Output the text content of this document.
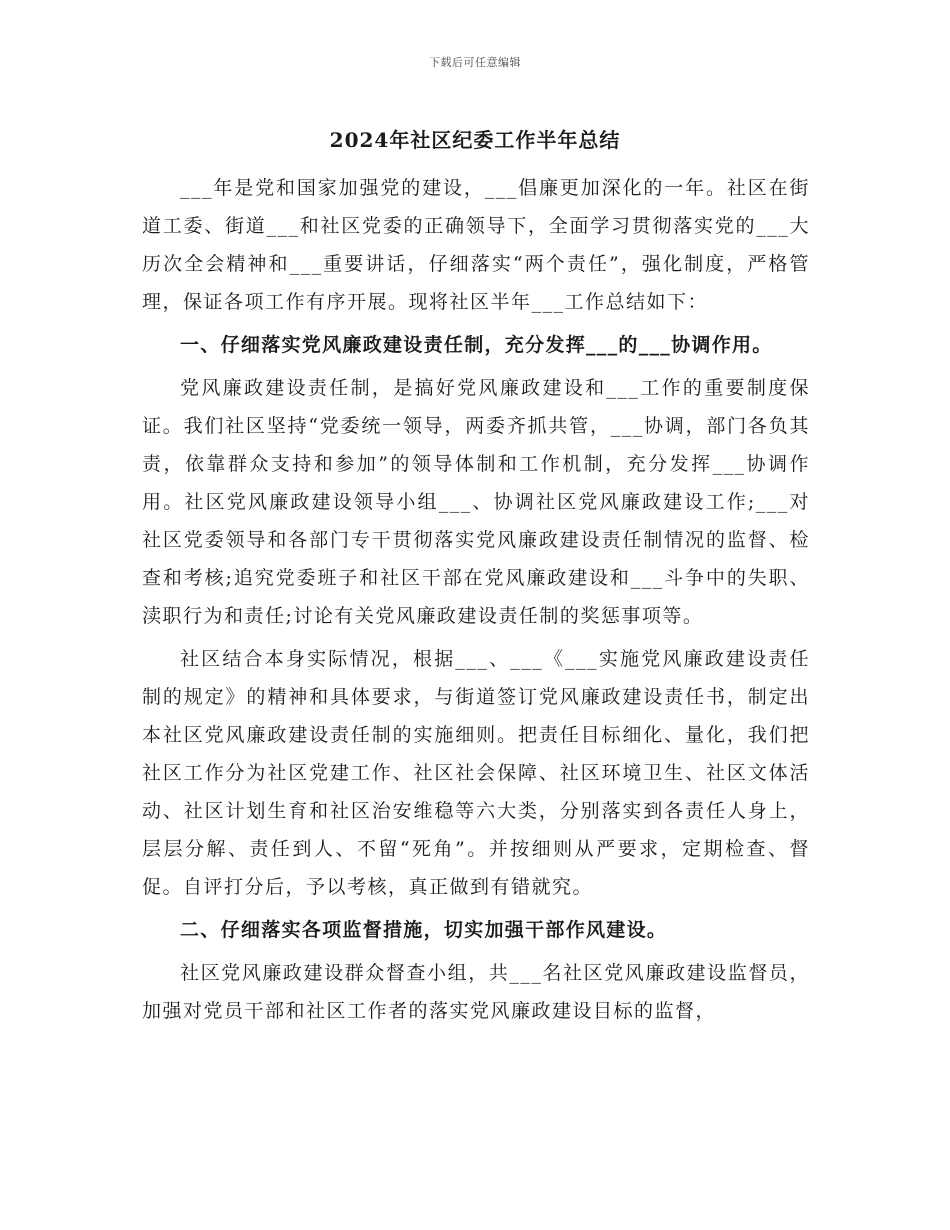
下载后可任意编辑
2024年社区纪委工作半年总结

___年是党和国家加强党的建设，___倡廉更加深化的一年。社区在街道工委、街道___和社区党委的正确领导下，全面学习贯彻落实党的___大历次全会精神和___重要讲话，仔细落实“两个责任”，强化制度，严格管理，保证各项工作有序开展。现将社区半年___工作总结如下：

一、仔细落实党风廉政建设责任制，充分发挥___的___协调作用。

党风廉政建设责任制，是搞好党风廉政建设和___工作的重要制度保证。我们社区坚持“党委统一领导，两委齐抓共管，___协调，部门各负其责，依靠群众支持和参加”的领导体制和工作机制，充分发挥___协调作用。社区党风廉政建设领导小组___、协调社区党风廉政建设工作;___对社区党委领导和各部门专干贯彻落实党风廉政建设责任制情况的监督、检查和考核;追究党委班子和社区干部在党风廉政建设和___斗争中的失职、渎职行为和责任;讨论有关党风廉政建设责任制的奖惩事项等。

社区结合本身实际情况，根据___、___《___实施党风廉政建设责任制的规定》的精神和具体要求，与街道签订党风廉政建设责任书，制定出本社区党风廉政建设责任制的实施细则。把责任目标细化、量化，我们把社区工作分为社区党建工作、社区社会保障、社区环境卫生、社区文体活动、社区计划生育和社区治安维稳等六大类，分别落实到各责任人身上，层层分解、责任到人、不留“死角”。并按细则从严要求，定期检查、督促。自评打分后，予以考核，真正做到有错就究。

二、仔细落实各项监督措施，切实加强干部作风建设。

社区党风廉政建设群众督查小组，共___名社区党风廉政建设监督员，加强对党员干部和社区工作者的落实党风廉政建设目标的监督，
